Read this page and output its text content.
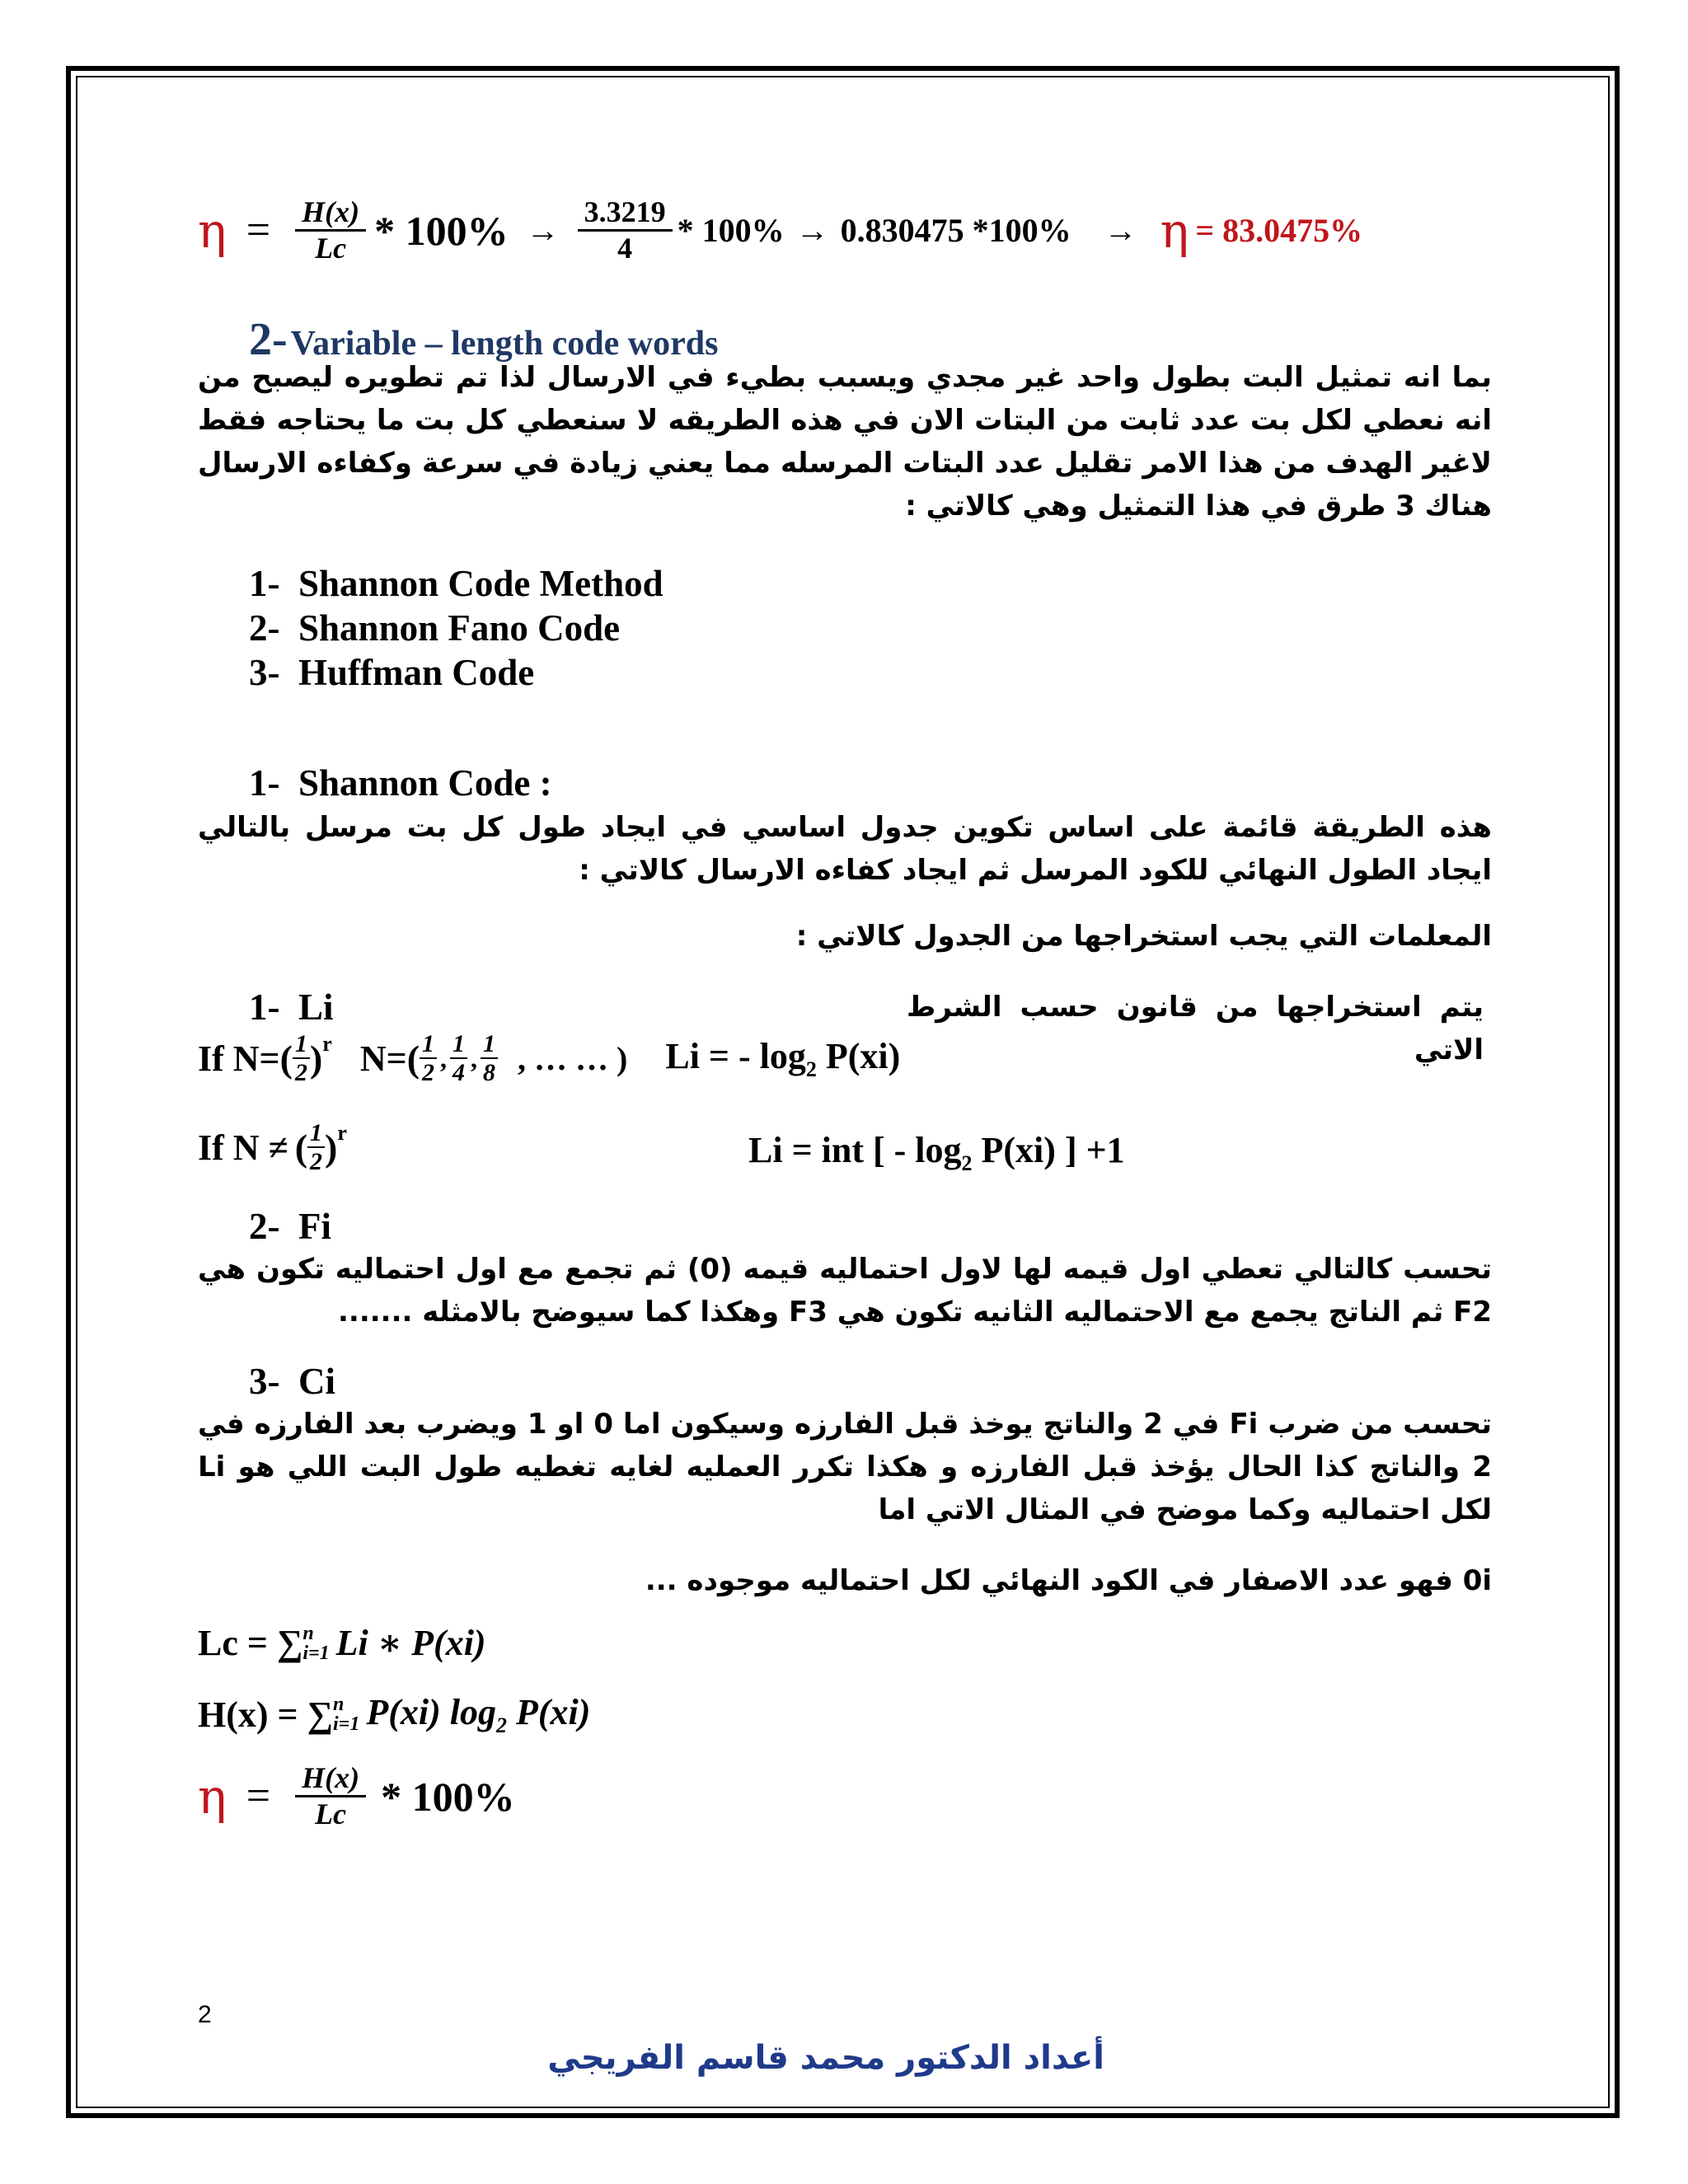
$\eta = \frac{H(x)}{Lc} * 100\% \to \frac{3.3219}{4} * 100\% \to 0.830475$ *100% → η = 83.0475%
2- Variable – length code words
بما انه تمثيل البت بطول واحد غير مجدي ويسبب بطيء في الارسال لذا تم تطويره ليصبح من انه نعطي لكل بت عدد ثابت من البتات الان في هذه الطريقه لا سنعطي كل بت ما يحتاجه فقط لاغير الهدف من هذا الامر تقليل عدد البتات المرسله مما يعني زيادة في سرعة وكفاءه الارسال هناك 3 طرق في هذا التمثيل وهي كالاتي :
1- Shannon Code Method
2- Shannon Fano Code
3- Huffman Code
1- Shannon Code :
هذه الطريقة قائمة على اساس تكوين جدول اساسي في ايجاد طول كل بت مرسل بالتالي ايجاد الطول النهائي للكود المرسل ثم ايجاد كفاءه الارسال كالاتي :
المعلمات التي يجب استخراجها من الجدول كالاتي :
1- Li	يتم استخراجها من قانون حسب الشرط الاتي
If N= ( $\frac{1}{2} )^r$ N= ( $\frac{1}{2}$ , $\frac{1}{4}$ , $\frac{1}{8}$ , … … ) Li = - $\log_2 P(xi)$
If N ≠ ( $\frac{1}{2} )^r$	Li = int [ - $\log_2 P(xi)$ ] +1
2- Fi
تحسب كالتالي تعطي اول قيمه لها لاول احتماليه قيمه (0) ثم تجمع مع اول احتماليه تكون هي F2 ثم الناتج يجمع مع الاحتماليه الثانيه تكون هي F3 وهكذا كما سيوضح بالامثله .......
3- Ci
تحسب من ضرب Fi في 2 والناتج يوخذ قبل الفارزه وسيكون اما 0 او 1 ويضرب بعد الفارزه في 2 والناتج كذا الحال يؤخذ قبل الفارزه و هكذا تكرر العمليه لغايه تغطيه طول البت اللي هو Li لكل احتماليه وكما موضح في المثال الاتي اما
0i فهو عدد الاصفار في الكود النهائي لكل احتماليه موجوده ...
Lc = ∑ n
i=1 Li ∗ P(xi)
H(x) = ∑ n
i=1 P(xi) $\log_2 P(xi)$
$\eta = \frac{H(x)}{Lc} * 100\%$
2
أعداد الدكتور محمد قاسم الفريجي
